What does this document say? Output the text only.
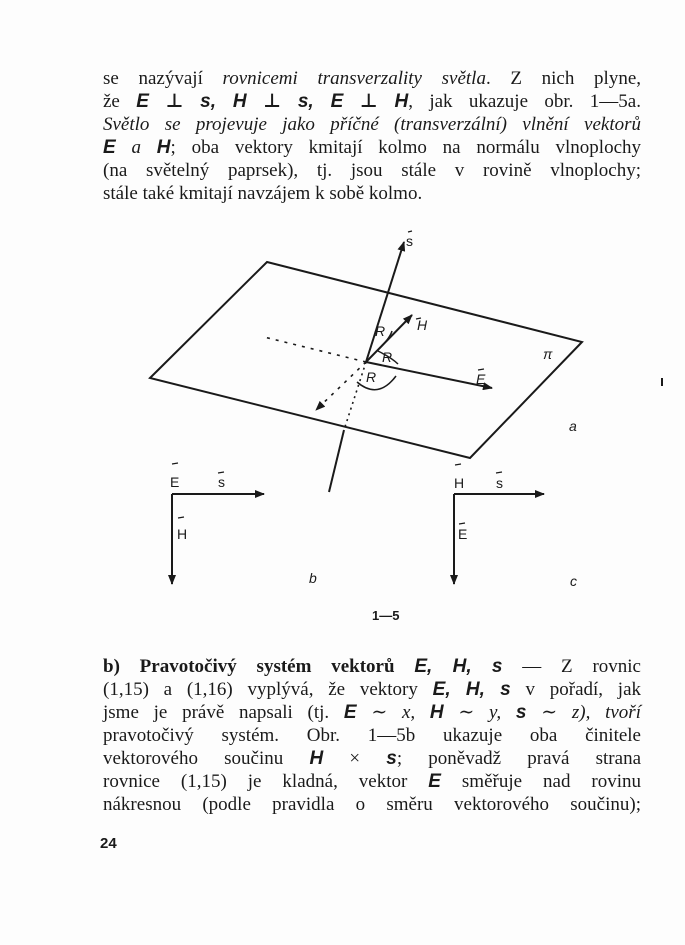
se nazývají rovnicemi transverzality světla. Z nich plyne,
že E ⊥ s, H ⊥ s, E ⊥ H, jak ukazuje obr. 1—5a.
Světlo se projevuje jako příčné (transverzální) vlnění vektorů
E a H; oba vektory kmitají kolmo na normálu vlnoplochy
(na světelný paprsek), tj. jsou stále v rovině vlnoplochy;
stále také kmitají navzájem k sobě kolmo.
s
H
E
R
R
R
π
a
b	c
E	s
H
H s
E
1—5
b) Pravotočivý systém vektorů E, H, s — Z rovnic
(1,15) a (1,16) vyplývá, že vektory E, H, s v pořadí, jak
jsme je právě napsali (tj. E ∼ x, H ∼ y, s ∼ z), tvoří
pravotočivý systém. Obr. 1—5b ukazuje oba činitele
vektorového součinu H × s; poněvadž pravá strana
rovnice (1,15) je kladná, vektor E směřuje nad rovinu
nákresnou (podle pravidla o směru vektorového součinu);
24
